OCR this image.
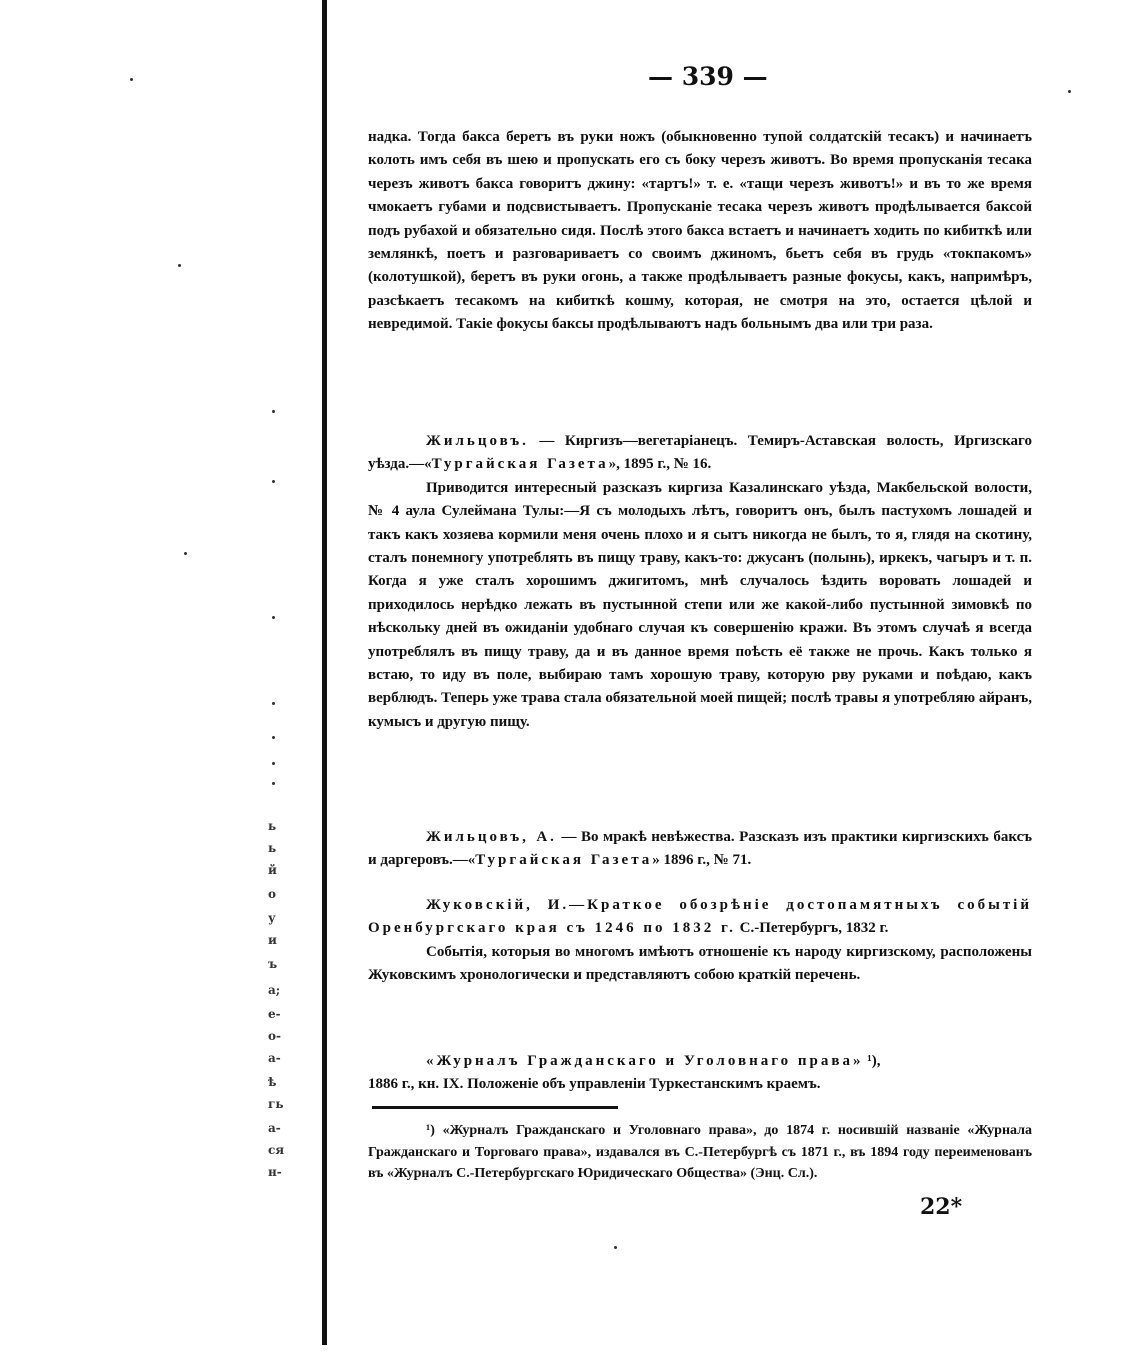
ь
ь
й
о
у
и
ъ
а;
е-
о-
а-
ѣ
гь
а-
ся
н-
— 339 —

надка. Тогда бакса беретъ въ руки ножъ (обыкновенно тупой солдатскій тесакъ) и начинаетъ колоть имъ себя въ шею и пропускать его съ боку черезъ животъ. Во время пропусканія тесака черезъ животъ бакса говоритъ джину: «тартъ!» т. е. «тащи черезъ животъ!» и въ то же время чмокаетъ губами и подсвистываетъ. Пропусканіе тесака черезъ животъ продѣлывается баксой подъ рубахой и обязательно сидя. Послѣ этого бакса встаетъ и начинаетъ ходить по кибиткѣ или землянкѣ, поетъ и разговариваетъ со своимъ джиномъ, бьетъ себя въ грудь «токпакомъ» (колотушкой), беретъ въ руки огонь, а также продѣлываетъ разные фокусы, какъ, напримѣръ, разсѣкаетъ тесакомъ на кибиткѣ кошму, которая, не смотря на это, остается цѣлой и невредимой. Такіе фокусы баксы продѣлываютъ надъ больнымъ два или три раза.

Жильцовъ. — Киргизъ—вегетаріанецъ. Темиръ-Аставская волость, Иргизскаго уѣзда.—«Тургайская Газета», 1895 г., № 16.

Приводится интересный разсказъ киргиза Казалинскаго уѣзда, Макбельской волости, № 4 аула Сулеймана Тулы:—Я съ молодыхъ лѣтъ, говоритъ онъ, былъ пастухомъ лошадей и такъ какъ хозяева кормили меня очень плохо и я сытъ никогда не былъ, то я, глядя на скотину, сталъ понемногу употреблять въ пищу траву, какъ-то: джусанъ (полынь), иркекъ, чагыръ и т. п. Когда я уже сталъ хорошимъ джигитомъ, мнѣ случалось ѣздить воровать лошадей и приходилось нерѣдко лежать въ пустынной степи или же какой-либо пустынной зимовкѣ по нѣскольку дней въ ожиданіи удобнаго случая къ совершенію кражи. Въ этомъ случаѣ я всегда употреблялъ въ пищу траву, да и въ данное время поѣсть её также не прочь. Какъ только я встаю, то иду въ поле, выбираю тамъ хорошую траву, которую рву руками и поѣдаю, какъ верблюдъ. Теперь уже трава стала обязательной моей пищей; послѣ травы я употребляю айранъ, кумысъ и другую пищу.

Жильцовъ, А. — Во мракѣ невѣжества. Разсказъ изъ практики киргизскихъ баксъ и даргеровъ.—«Тургайская Газета» 1896 г., № 71.

Жуковскій, И.—Краткое обозрѣніе достопамятныхъ событій Оренбургскаго края съ 1246 по 1832 г. С.-Петербургъ, 1832 г.

Событія, которыя во многомъ имѣютъ отношеніе къ народу киргизскому, расположены Жуковскимъ хронологически и представляютъ собою краткій перечень.

«Журналъ Гражданскаго и Уголовнаго права» ¹),

1886 г., кн. IX. Положеніе объ управленіи Туркестанскимъ краемъ.

¹) «Журналъ Гражданскаго и Уголовнаго права», до 1874 г. носившій названіе «Журнала Гражданскаго и Торговаго права», издавался въ С.-Петербургѣ съ 1871 г., въ 1894 году переименованъ въ «Журналъ С.-Петербургскаго Юридическаго Общества» (Энц. Сл.).

22*
